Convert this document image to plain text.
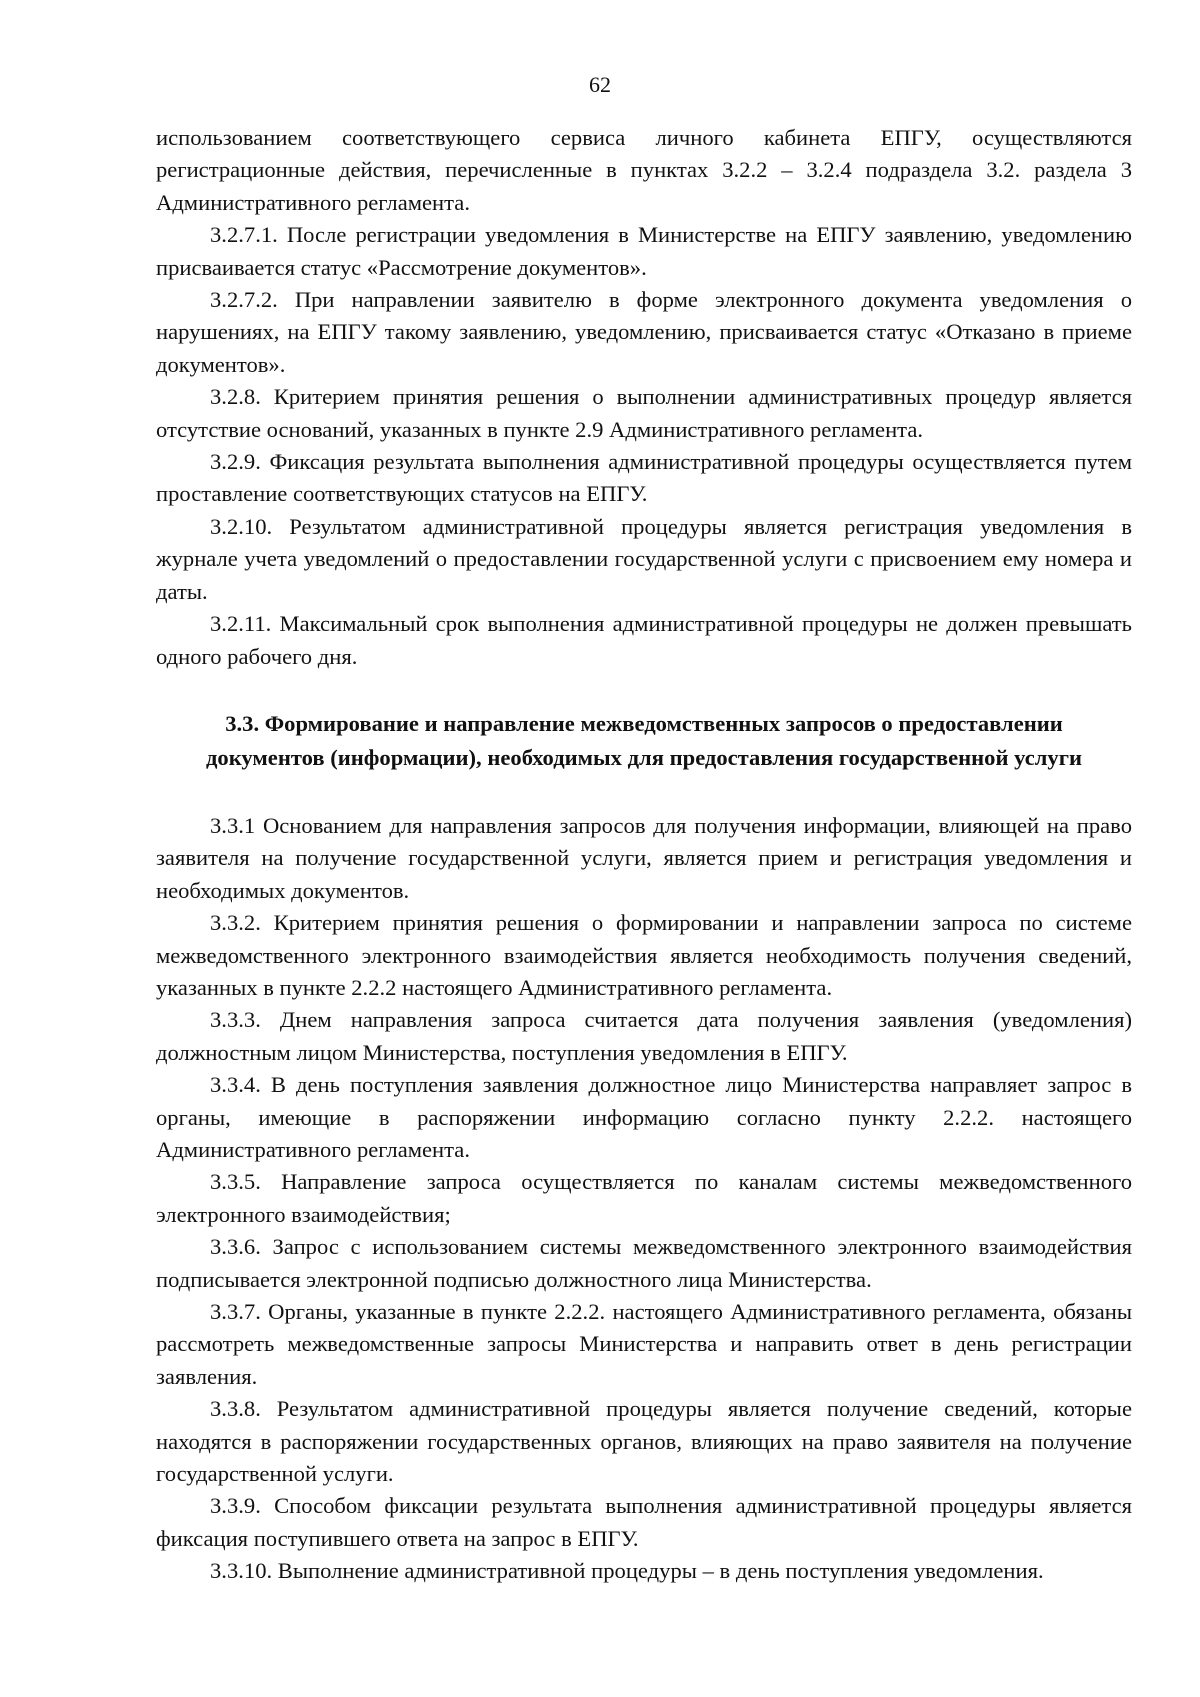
62

использованием соответствующего сервиса личного кабинета ЕПГУ, осуществляются регистрационные действия, перечисленные в пунктах 3.2.2 – 3.2.4 подраздела 3.2. раздела 3 Административного регламента.

3.2.7.1. После регистрации уведомления в Министерстве на ЕПГУ заявлению, уведомлению присваивается статус «Рассмотрение документов».

3.2.7.2. При направлении заявителю в форме электронного документа уведомления о нарушениях, на ЕПГУ такому заявлению, уведомлению, присваивается статус «Отказано в приеме документов».

3.2.8. Критерием принятия решения о выполнении административных процедур является отсутствие оснований, указанных в пункте 2.9 Административного регламента.

3.2.9. Фиксация результата выполнения административной процедуры осуществляется путем проставление соответствующих статусов на ЕПГУ.

3.2.10. Результатом административной процедуры является регистрация уведомления в журнале учета уведомлений о предоставлении государственной услуги с присвоением ему номера и даты.

3.2.11. Максимальный срок выполнения административной процедуры не должен превышать одного рабочего дня.

3.3. Формирование и направление межведомственных запросов о предоставлении
документов (информации), необходимых для предоставления государственной услуги

3.3.1 Основанием для направления запросов для получения информации, влияющей на право заявителя на получение государственной услуги, является прием и регистрация уведомления и необходимых документов.

3.3.2. Критерием принятия решения о формировании и направлении запроса по системе межведомственного электронного взаимодействия является необходимость получения сведений, указанных в пункте 2.2.2 настоящего Административного регламента.

3.3.3. Днем направления запроса считается дата получения заявления (уведомления) должностным лицом Министерства, поступления уведомления в ЕПГУ.

3.3.4. В день поступления заявления должностное лицо Министерства направляет запрос в органы, имеющие в распоряжении информацию согласно пункту 2.2.2. настоящего Административного регламента.

3.3.5. Направление запроса осуществляется по каналам системы межведомственного электронного взаимодействия;

3.3.6. Запрос с использованием системы межведомственного электронного взаимодействия подписывается электронной подписью должностного лица Министерства.

3.3.7. Органы, указанные в пункте 2.2.2. настоящего Административного регламента, обязаны рассмотреть межведомственные запросы Министерства и направить ответ в день регистрации заявления.

3.3.8. Результатом административной процедуры является получение сведений, которые находятся в распоряжении государственных органов, влияющих на право заявителя на получение государственной услуги.

3.3.9. Способом фиксации результата выполнения административной процедуры является фиксация поступившего ответа на запрос в ЕПГУ.

3.3.10. Выполнение административной процедуры – в день поступления уведомления.
